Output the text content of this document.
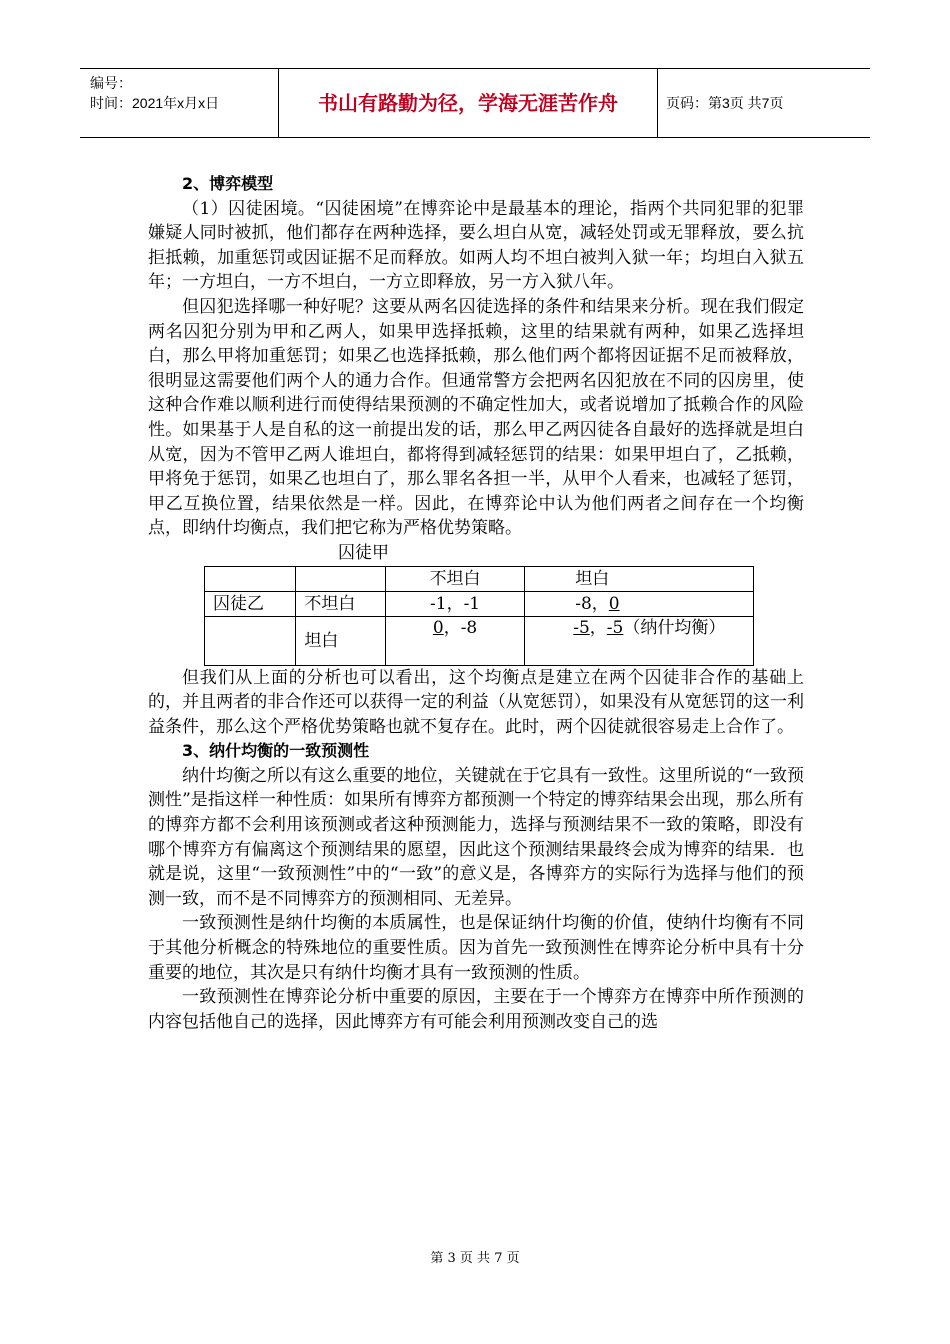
编号：
时间：2021年x月x日	书山有路勤为径，学海无涯苦作舟	页码：第3页 共7页

2、博弈模型

（1）囚徒困境。“囚徒困境”在博弈论中是最基本的理论，指两个共同犯罪的犯罪嫌疑人同时被抓，他们都存在两种选择，要么坦白从宽，减轻处罚或无罪释放，要么抗拒抵赖，加重惩罚或因证据不足而释放。如两人均不坦白被判入狱一年；均坦白入狱五年；一方坦白，一方不坦白，一方立即释放，另一方入狱八年。

但囚犯选择哪一种好呢？这要从两名囚徒选择的条件和结果来分析。现在我们假定两名囚犯分别为甲和乙两人，如果甲选择抵赖，这里的结果就有两种，如果乙选择坦白，那么甲将加重惩罚；如果乙也选择抵赖，那么他们两个都将因证据不足而被释放，很明显这需要他们两个人的通力合作。但通常警方会把两名囚犯放在不同的囚房里，使这种合作难以顺利进行而使得结果预测的不确定性加大，或者说增加了抵赖合作的风险性。如果基于人是自私的这一前提出发的话，那么甲乙两囚徒各自最好的选择就是坦白从宽，因为不管甲乙两人谁坦白，都将得到减轻惩罚的结果：如果甲坦白了，乙抵赖，甲将免于惩罚，如果乙也坦白了，那么罪名各担一半，从甲个人看来，也减轻了惩罚，甲乙互换位置，结果依然是一样。因此，在博弈论中认为他们两者之间存在一个均衡点，即纳什均衡点，我们把它称为严格优势策略。

囚徒甲

		不坦白	坦白
囚徒乙	不坦白	-1，-1	-8，0
	坦白	0，-8	-5，-5（纳什均衡）

但我们从上面的分析也可以看出，这个均衡点是建立在两个囚徒非合作的基础上的，并且两者的非合作还可以获得一定的利益（从宽惩罚），如果没有从宽惩罚的这一利益条件，那么这个严格优势策略也就不复存在。此时，两个囚徒就很容易走上合作了。

3、纳什均衡的一致预测性

纳什均衡之所以有这么重要的地位，关键就在于它具有一致性。这里所说的“一致预测性”是指这样一种性质：如果所有博弈方都预测一个特定的博弈结果会出现，那么所有的博弈方都不会利用该预测或者这种预测能力，选择与预测结果不一致的策略，即没有哪个博弈方有偏离这个预测结果的愿望，因此这个预测结果最终会成为博弈的结果．也就是说，这里“一致预测性”中的“一致”的意义是，各博弈方的实际行为选择与他们的预测一致，而不是不同博弈方的预测相同、无差异。

一致预测性是纳什均衡的本质属性，也是保证纳什均衡的价值，使纳什均衡有不同于其他分析概念的特殊地位的重要性质。因为首先一致预测性在博弈论分析中具有十分重要的地位，其次是只有纳什均衡才具有一致预测的性质。

一致预测性在博弈论分析中重要的原因，主要在于一个博弈方在博弈中所作预测的内容包括他自己的选择，因此博弈方有可能会利用预测改变自己的选

第 3 页 共 7 页
